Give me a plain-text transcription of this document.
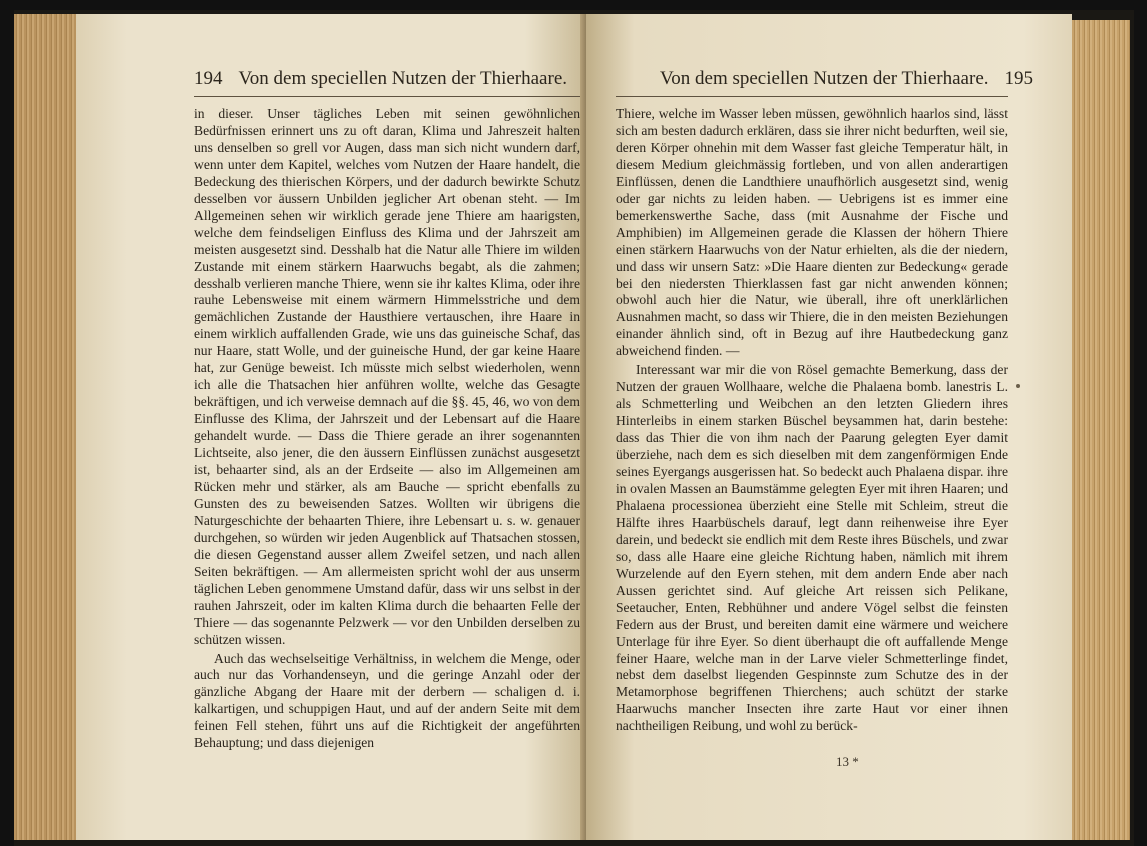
194 Von dem speciellen Nutzen der Thierhaare.

in dieser. Unser tägliches Leben mit seinen gewöhnlichen Bedürfnissen erinnert uns zu oft daran, Klima und Jahreszeit halten uns denselben so grell vor Augen, dass man sich nicht wundern darf, wenn unter dem Kapitel, welches vom Nutzen der Haare handelt, die Bedeckung des thierischen Körpers, und der dadurch bewirkte Schutz desselben vor äussern Unbilden jeglicher Art obenan steht. — Im Allgemeinen sehen wir wirklich gerade jene Thiere am haarigsten, welche dem feindseligen Einfluss des Klima und der Jahrszeit am meisten ausgesetzt sind. Desshalb hat die Natur alle Thiere im wilden Zustande mit einem stärkern Haarwuchs begabt, als die zahmen; desshalb verlieren manche Thiere, wenn sie ihr kaltes Klima, oder ihre rauhe Lebensweise mit einem wärmern Himmelsstriche und dem gemächlichen Zustande der Hausthiere vertauschen, ihre Haare in einem wirklich auffallenden Grade, wie uns das guineische Schaf, das nur Haare, statt Wolle, und der guineische Hund, der gar keine Haare hat, zur Genüge beweist. Ich müsste mich selbst wiederholen, wenn ich alle die Thatsachen hier anführen wollte, welche das Gesagte bekräftigen, und ich verweise demnach auf die §§. 45, 46, wo von dem Einflusse des Klima, der Jahrszeit und der Lebensart auf die Haare gehandelt wurde. — Dass die Thiere gerade an ihrer sogenannten Lichtseite, also jener, die den äussern Einflüssen zunächst ausgesetzt ist, behaarter sind, als an der Erdseite — also im Allgemeinen am Rücken mehr und stärker, als am Bauche — spricht ebenfalls zu Gunsten des zu beweisenden Satzes. Wollten wir übrigens die Naturgeschichte der behaarten Thiere, ihre Lebensart u. s. w. genauer durchgehen, so würden wir jeden Augenblick auf Thatsachen stossen, die diesen Gegenstand ausser allem Zweifel setzen, und nach allen Seiten bekräftigen. — Am allermeisten spricht wohl der aus unserm täglichen Leben genommene Umstand dafür, dass wir uns selbst in der rauhen Jahrszeit, oder im kalten Klima durch die behaarten Felle der Thiere — das sogenannte Pelzwerk — vor den Unbilden derselben zu schützen wissen.

Auch das wechselseitige Verhältniss, in welchem die Menge, oder auch nur das Vorhandenseyn, und die geringe Anzahl oder der gänzliche Abgang der Haare mit der derbern — schaligen d. i. kalkartigen, und schuppigen Haut, und auf der andern Seite mit dem feinen Fell stehen, führt uns auf die Richtigkeit der angeführten Behauptung; und dass diejenigen

Von dem speciellen Nutzen der Thierhaare. 195

Thiere, welche im Wasser leben müssen, gewöhnlich haarlos sind, lässt sich am besten dadurch erklären, dass sie ihrer nicht bedurften, weil sie, deren Körper ohnehin mit dem Wasser fast gleiche Temperatur hält, in diesem Medium gleichmässig fortleben, und von allen anderartigen Einflüssen, denen die Landthiere unaufhörlich ausgesetzt sind, wenig oder gar nichts zu leiden haben. — Uebrigens ist es immer eine bemerkenswerthe Sache, dass (mit Ausnahme der Fische und Amphibien) im Allgemeinen gerade die Klassen der höhern Thiere einen stärkern Haarwuchs von der Natur erhielten, als die der niedern, und dass wir unsern Satz: »Die Haare dienten zur Bedeckung« gerade bei den niedersten Thierklassen fast gar nicht anwenden können; obwohl auch hier die Natur, wie überall, ihre oft unerklärlichen Ausnahmen macht, so dass wir Thiere, die in den meisten Beziehungen einander ähnlich sind, oft in Bezug auf ihre Hautbedeckung ganz abweichend finden. —

Interessant war mir die von Rösel gemachte Bemerkung, dass der Nutzen der grauen Wollhaare, welche die Phalaena bomb. lanestris L. als Schmetterling und Weibchen an den letzten Gliedern ihres Hinterleibs in einem starken Büschel beysammen hat, darin bestehe: dass das Thier die von ihm nach der Paarung gelegten Eyer damit überziehe, nach dem es sich dieselben mit dem zangenförmigen Ende seines Eyergangs ausgerissen hat. So bedeckt auch Phalaena dispar. ihre in ovalen Massen an Baumstämme gelegten Eyer mit ihren Haaren; und Phalaena processionea überzieht eine Stelle mit Schleim, streut die Hälfte ihres Haarbüschels darauf, legt dann reihenweise ihre Eyer darein, und bedeckt sie endlich mit dem Reste ihres Büschels, und zwar so, dass alle Haare eine gleiche Richtung haben, nämlich mit ihrem Wurzelende auf den Eyern stehen, mit dem andern Ende aber nach Aussen gerichtet sind. Auf gleiche Art reissen sich Pelikane, Seetaucher, Enten, Rebhühner und andere Vögel selbst die feinsten Federn aus der Brust, und bereiten damit eine wärmere und weichere Unterlage für ihre Eyer. So dient überhaupt die oft auffallende Menge feiner Haare, welche man in der Larve vieler Schmetterlinge findet, nebst dem daselbst liegenden Gespinnste zum Schutze des in der Metamorphose begriffenen Thierchens; auch schützt der starke Haarwuchs mancher Insecten ihre zarte Haut vor einer ihnen nachtheiligen Reibung, und wohl zu berück-

13 *
